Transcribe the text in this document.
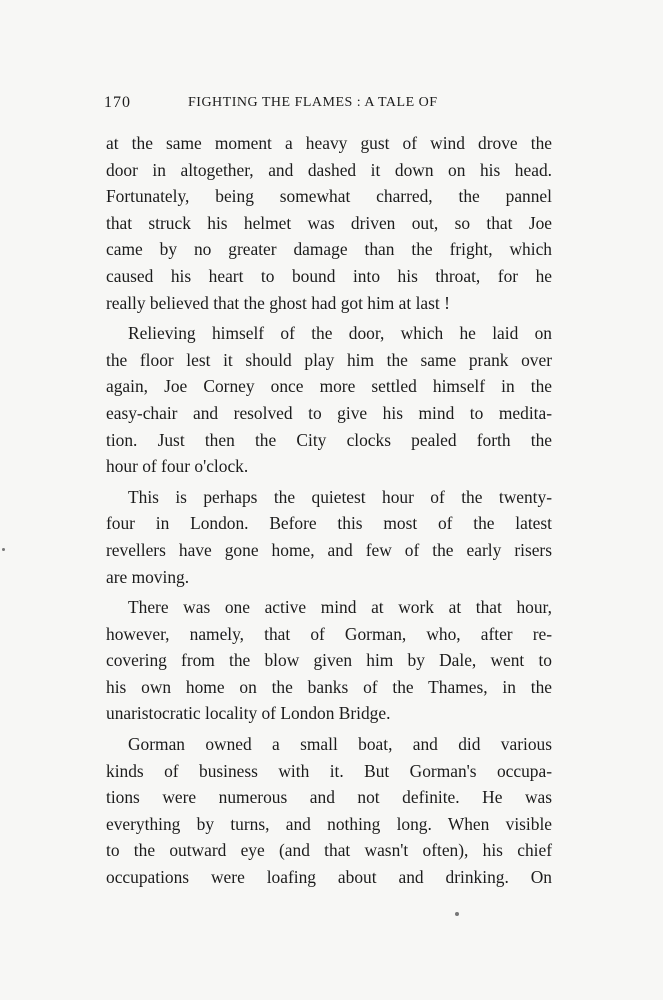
170	FIGHTING THE FLAMES : A TALE OF
at the same moment a heavy gust of wind drove the
door in altogether, and dashed it down on his head.
Fortunately, being somewhat charred, the pannel
that struck his helmet was driven out, so that Joe
came by no greater damage than the fright, which
caused his heart to bound into his throat, for he
really believed that the ghost had got him at last !
Relieving himself of the door, which he laid on
the floor lest it should play him the same prank over
again, Joe Corney once more settled himself in the
easy-chair and resolved to give his mind to medita-
tion. Just then the City clocks pealed forth the
hour of four o'clock.
This is perhaps the quietest hour of the twenty-
four in London. Before this most of the latest
revellers have gone home, and few of the early risers
are moving.
There was one active mind at work at that hour,
however, namely, that of Gorman, who, after re-
covering from the blow given him by Dale, went to
his own home on the banks of the Thames, in the
unaristocratic locality of London Bridge.
Gorman owned a small boat, and did various
kinds of business with it. But Gorman's occupa-
tions were numerous and not definite. He was
everything by turns, and nothing long. When visible
to the outward eye (and that wasn't often), his chief
occupations were loafing about and drinking. On
